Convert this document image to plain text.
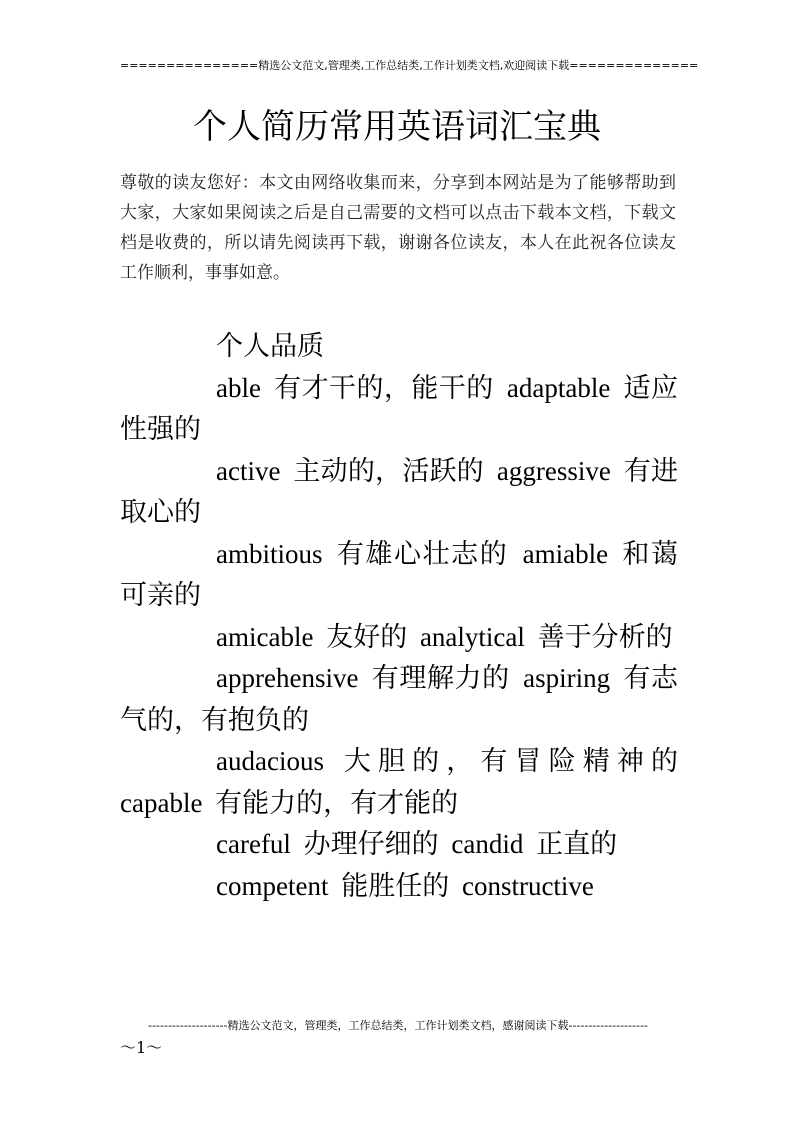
===============精选公文范文,管理类,工作总结类,工作计划类文档,欢迎阅读下载==============
个人简历常用英语词汇宝典
尊敬的读友您好：本文由网络收集而来，分享到本网站是为了能够帮助到大家，大家如果阅读之后是自己需要的文档可以点击下载本文档，下载文档是收费的，所以请先阅读再下载，谢谢各位读友，本人在此祝各位读友工作顺利，事事如意。

个人品质

able 有才干的，能干的 adaptable 适应性强的

active 主动的，活跃的 aggressive 有进取心的

ambitious 有雄心壮志的 amiable 和蔼可亲的

amicable 友好的 analytical 善于分析的

apprehensive 有理解力的 aspiring 有志气的，有抱负的

audacious 大胆的，有冒险精神的 capable 有能力的，有才能的

careful 办理仔细的 candid 正直的

competent 能胜任的 constructive

--------------------精选公文范文，管理类，工作总结类，工作计划类文档，感谢阅读下载--------------------
～1～
